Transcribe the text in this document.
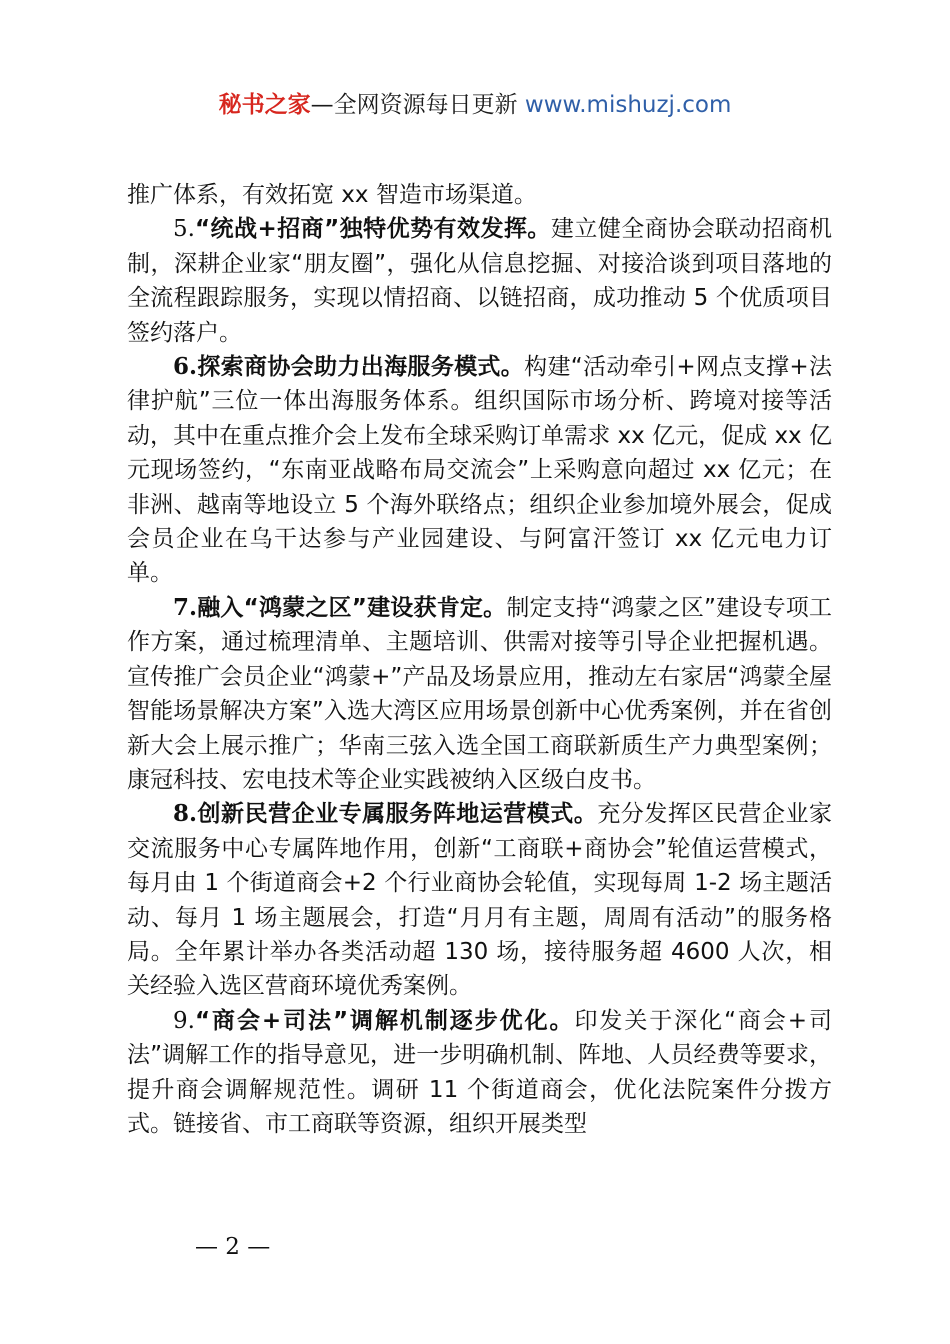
秘书之家—全网资源每日更新 www.mishuzj.com

推广体系，有效拓宽 xx 智造市场渠道。

5.“统战+招商”独特优势有效发挥。建立健全商协会联动招商机制，深耕企业家“朋友圈”，强化从信息挖掘、对接洽谈到项目落地的全流程跟踪服务，实现以情招商、以链招商，成功推动 5 个优质项目签约落户。

6.探索商协会助力出海服务模式。构建“活动牵引+网点支撑+法律护航”三位一体出海服务体系。组织国际市场分析、跨境对接等活动，其中在重点推介会上发布全球采购订单需求 xx 亿元，促成 xx 亿元现场签约，“东南亚战略布局交流会”上采购意向超过 xx 亿元；在非洲、越南等地设立 5 个海外联络点；组织企业参加境外展会，促成会员企业在乌干达参与产业园建设、与阿富汗签订 xx 亿元电力订单。

7.融入“鸿蒙之区”建设获肯定。制定支持“鸿蒙之区”建设专项工作方案，通过梳理清单、主题培训、供需对接等引导企业把握机遇。宣传推广会员企业“鸿蒙+”产品及场景应用，推动左右家居“鸿蒙全屋智能场景解决方案”入选大湾区应用场景创新中心优秀案例，并在省创新大会上展示推广；华南三弦入选全国工商联新质生产力典型案例；康冠科技、宏电技术等企业实践被纳入区级白皮书。

8.创新民营企业专属服务阵地运营模式。充分发挥区民营企业家交流服务中心专属阵地作用，创新“工商联+商协会”轮值运营模式，每月由 1 个街道商会+2 个行业商协会轮值，实现每周 1-2 场主题活动、每月 1 场主题展会，打造“月月有主题，周周有活动”的服务格局。全年累计举办各类活动超 130 场，接待服务超 4600 人次，相关经验入选区营商环境优秀案例。

9.“商会+司法”调解机制逐步优化。印发关于深化“商会+司法”调解工作的指导意见，进一步明确机制、阵地、人员经费等要求，提升商会调解规范性。调研 11 个街道商会，优化法院案件分拨方式。链接省、市工商联等资源，组织开展类型

— 2 —
